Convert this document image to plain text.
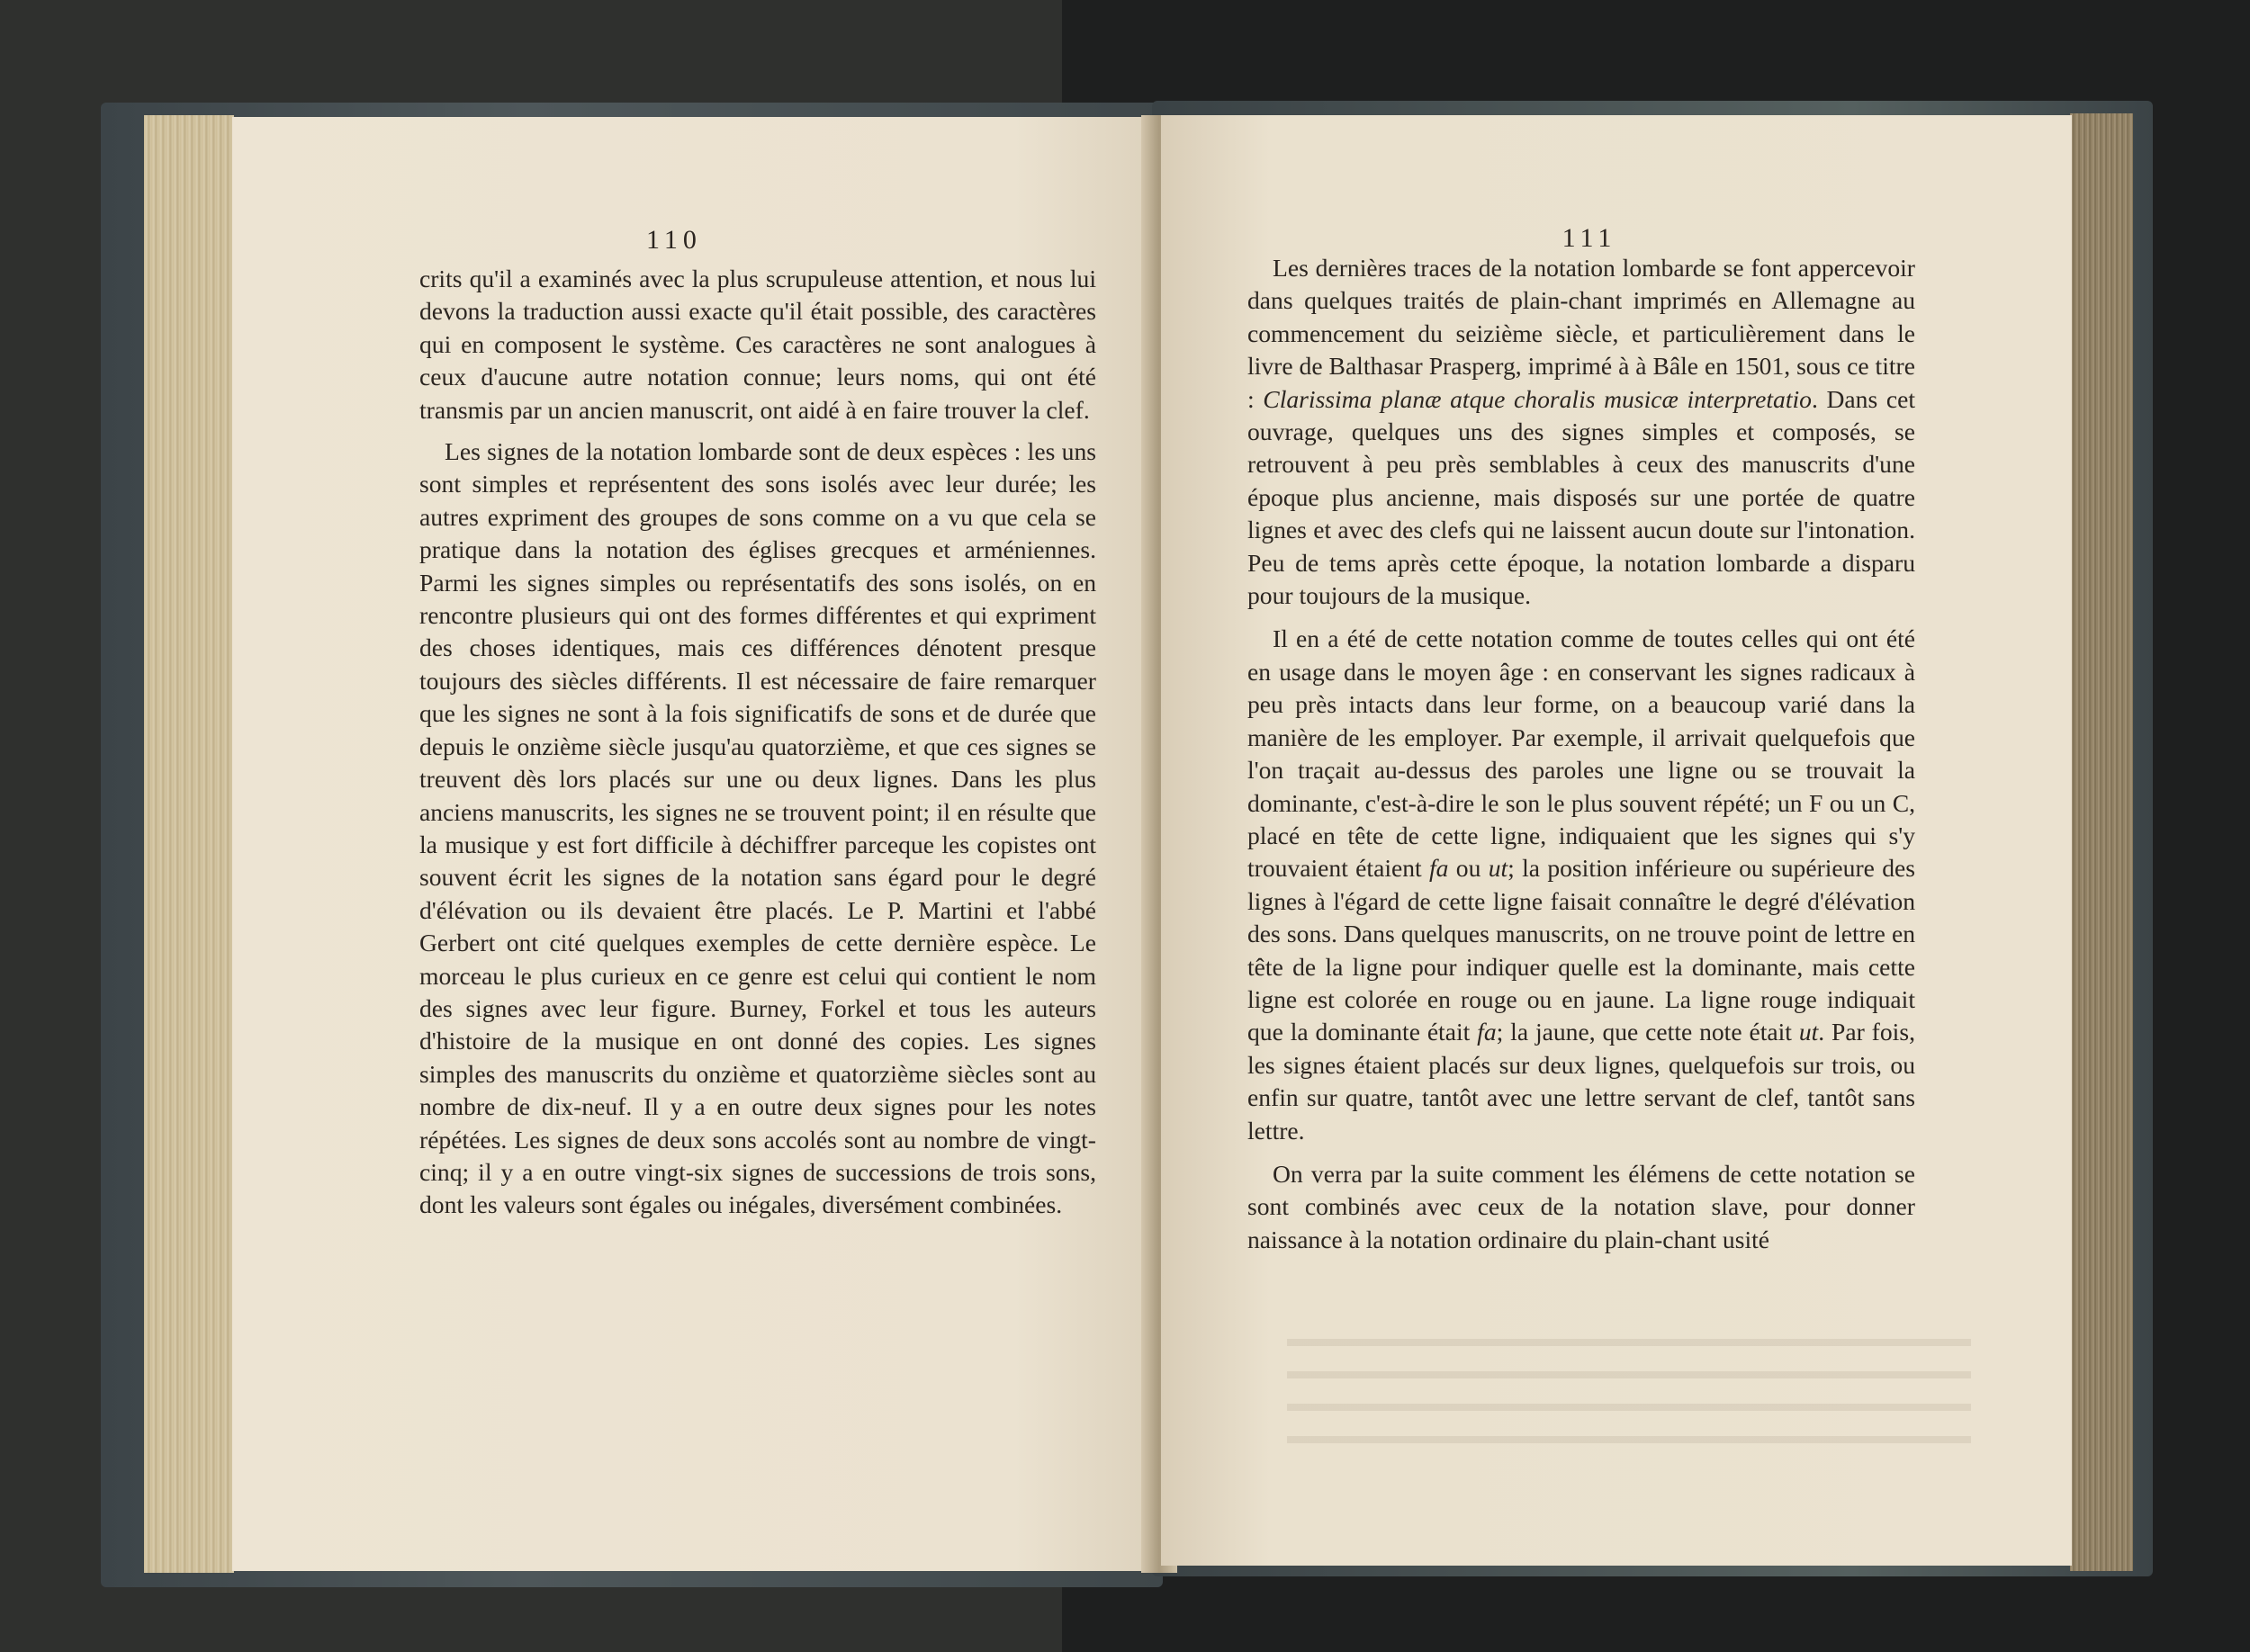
110

crits qu'il a examinés avec la plus scrupuleuse attention, et nous lui devons la traduction aussi exacte qu'il était possible, des caractères qui en composent le système. Ces caractères ne sont analogues à ceux d'aucune autre notation connue; leurs noms, qui ont été transmis par un ancien manuscrit, ont aidé à en faire trouver la clef.

Les signes de la notation lombarde sont de deux espèces : les uns sont simples et représentent des sons isolés avec leur durée; les autres expriment des groupes de sons comme on a vu que cela se pratique dans la notation des églises grecques et arméniennes. Parmi les signes simples ou représentatifs des sons isolés, on en rencontre plusieurs qui ont des formes différentes et qui expriment des choses identiques, mais ces différences dénotent presque toujours des siècles différents. Il est nécessaire de faire remarquer que les signes ne sont à la fois significatifs de sons et de durée que depuis le onzième siècle jusqu'au quatorzième, et que ces signes se treuvent dès lors placés sur une ou deux lignes. Dans les plus anciens manuscrits, les signes ne se trouvent point; il en résulte que la musique y est fort difficile à déchiffrer parceque les copistes ont souvent écrit les signes de la notation sans égard pour le degré d'élévation ou ils devaient être placés. Le P. Martini et l'abbé Gerbert ont cité quelques exemples de cette dernière espèce. Le morceau le plus curieux en ce genre est celui qui contient le nom des signes avec leur figure. Burney, Forkel et tous les auteurs d'histoire de la musique en ont donné des copies. Les signes simples des manuscrits du onzième et quatorzième siècles sont au nombre de dix-neuf. Il y a en outre deux signes pour les notes répétées. Les signes de deux sons accolés sont au nombre de vingt-cinq; il y a en outre vingt-six signes de successions de trois sons, dont les valeurs sont égales ou inégales, diversément combinées.

111

Les dernières traces de la notation lombarde se font appercevoir dans quelques traités de plain-chant imprimés en Allemagne au commencement du seizième siècle, et particulièrement dans le livre de Balthasar Prasperg, imprimé à à Bâle en 1501, sous ce titre : Clarissima planæ atque choralis musicæ interpretatio. Dans cet ouvrage, quelques uns des signes simples et composés, se retrouvent à peu près semblables à ceux des manuscrits d'une époque plus ancienne, mais disposés sur une portée de quatre lignes et avec des clefs qui ne laissent aucun doute sur l'intonation. Peu de tems après cette époque, la notation lombarde a disparu pour toujours de la musique.

Il en a été de cette notation comme de toutes celles qui ont été en usage dans le moyen âge : en conservant les signes radicaux à peu près intacts dans leur forme, on a beaucoup varié dans la manière de les employer. Par exemple, il arrivait quelquefois que l'on traçait au-dessus des paroles une ligne ou se trouvait la dominante, c'est-à-dire le son le plus souvent répété; un F ou un C, placé en tête de cette ligne, indiquaient que les signes qui s'y trouvaient étaient fa ou ut; la position inférieure ou supérieure des lignes à l'égard de cette ligne faisait connaître le degré d'élévation des sons. Dans quelques manuscrits, on ne trouve point de lettre en tête de la ligne pour indiquer quelle est la dominante, mais cette ligne est colorée en rouge ou en jaune. La ligne rouge indiquait que la dominante était fa; la jaune, que cette note était ut. Par fois, les signes étaient placés sur deux lignes, quelquefois sur trois, ou enfin sur quatre, tantôt avec une lettre servant de clef, tantôt sans lettre.

On verra par la suite comment les élémens de cette notation se sont combinés avec ceux de la notation slave, pour donner naissance à la notation ordinaire du plain-chant usité
